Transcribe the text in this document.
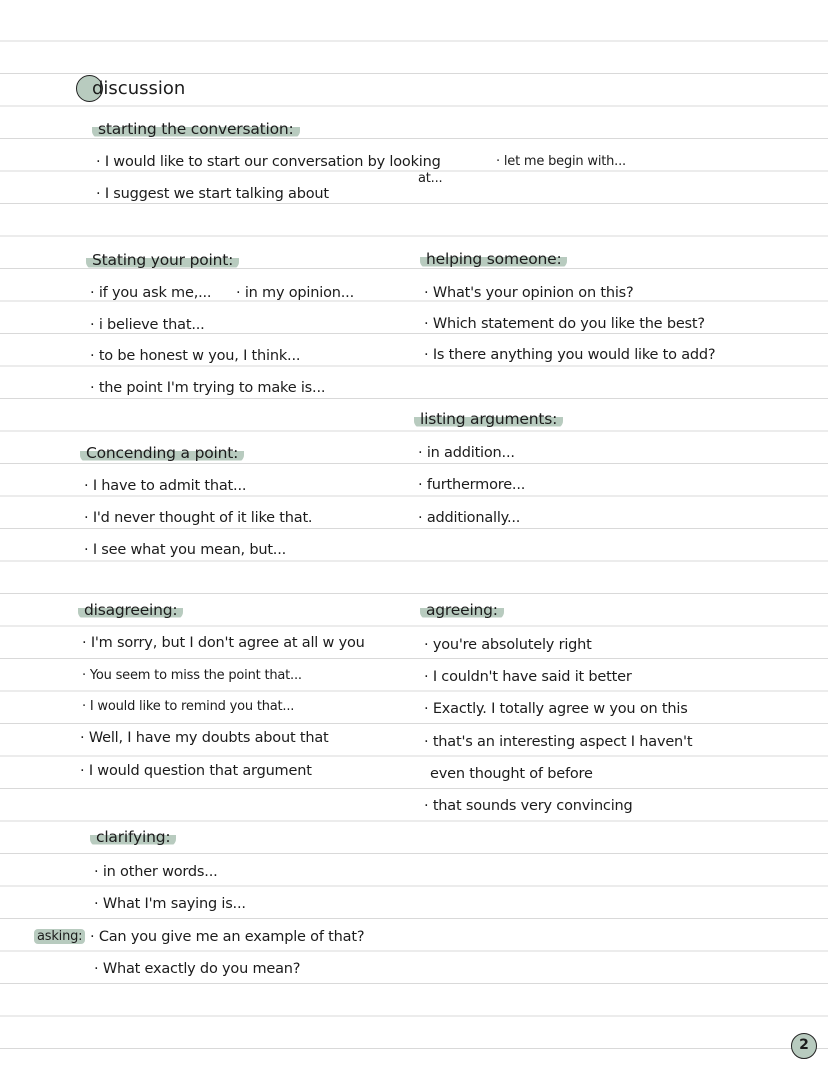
discussion
starting the conversation:
· I would like to start our conversation by looking
at...
· let me begin with...
· I suggest we start talking about
Stating your point:
· if you ask me,... · in my opinion...
· i believe that...
· to be honest w you, I think...
· the point I'm trying to make is...
helping someone:
· What's your opinion on this?
· Which statement do you like the best?
· Is there anything you would like to add?
listing arguments:
· in addition...
· furthermore...
· additionally...
Concending a point:
· I have to admit that...
· I'd never thought of it like that.
· I see what you mean, but...
disagreeing:
· I'm sorry, but I don't agree at all w you
· You seem to miss the point that...
· I would like to remind you that...
· Well, I have my doubts about that
· I would question that argument
agreeing:
· you're absolutely right
· I couldn't have said it better
· Exactly. I totally agree w you on this
· that's an interesting aspect I haven't
even thought of before
· that sounds very convincing
clarifying:
· in other words...
· What I'm saying is...
asking: · Can you give me an example of that?
· What exactly do you mean?
2
